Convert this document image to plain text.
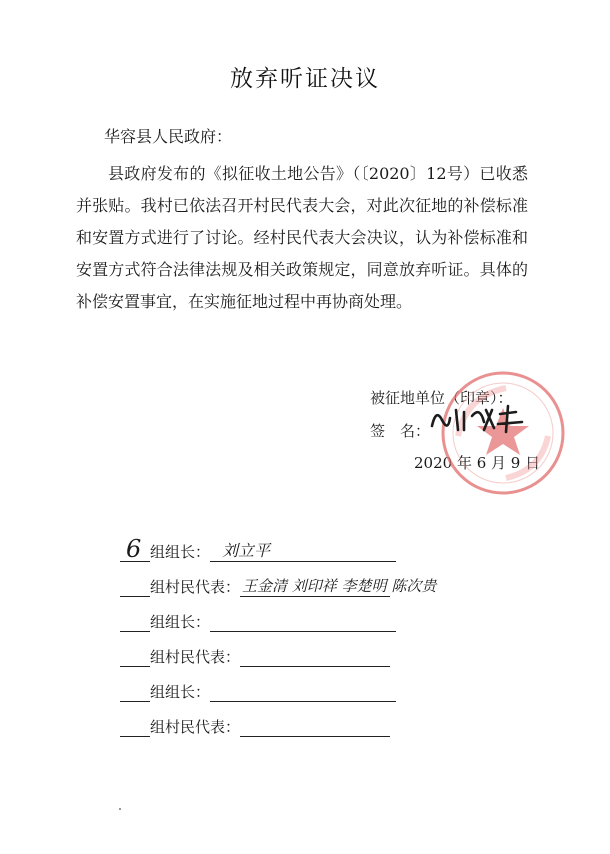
放弃听证决议
华容县人民政府：
县政府发布的《拟征收土地公告》（〔2020〕12号）已收悉并张贴。我村已依法召开村民代表大会，对此次征地的补偿标准和安置方式进行了讨论。经村民代表大会决议，认为补偿标准和安置方式符合法律法规及相关政策规定，同意放弃听证。具体的补偿安置事宜，在实施征地过程中再协商处理。
被征地单位（印章）：
签　名：
2020 年 6 月 9 日
6 组组长： 刘立平
组村民代表： 王金清 刘印祥 李楚明 陈次贵
组组长：
组村民代表：
组组长：
组村民代表：
